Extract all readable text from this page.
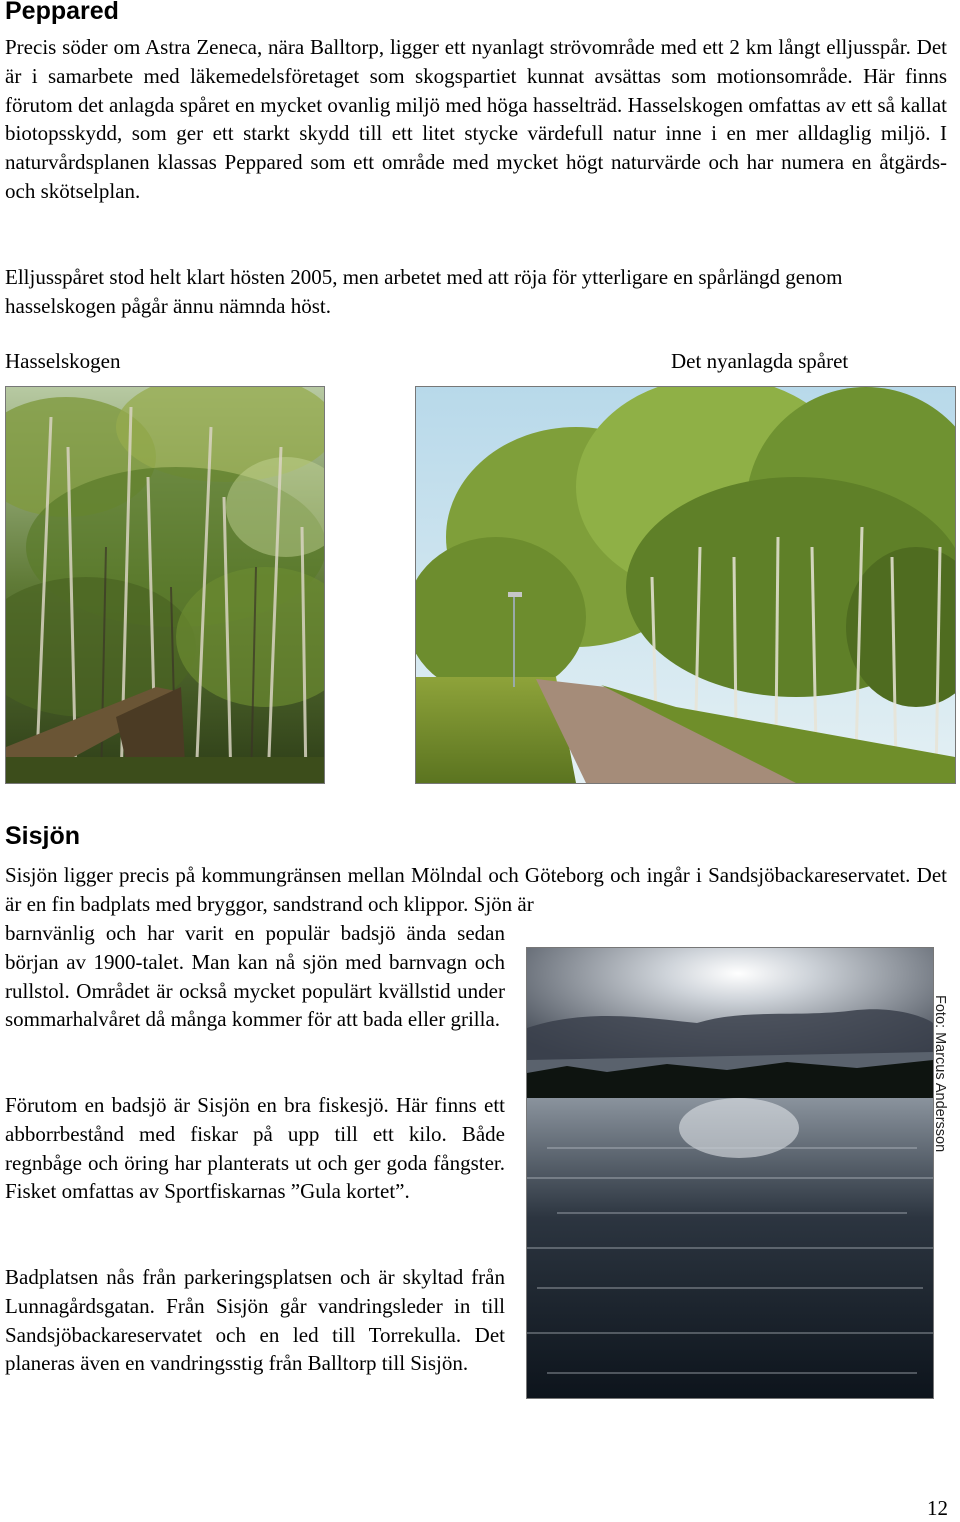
Peppared

Precis söder om Astra Zeneca, nära Balltorp, ligger ett nyanlagt strövområde med ett 2 km långt elljusspår. Det är i samarbete med läkemedelsföretaget som skogspartiet kunnat avsättas som motionsområde. Här finns förutom det anlagda spåret en mycket ovanlig miljö med höga hasselträd. Hasselskogen omfattas av ett så kallat biotopsskydd, som ger ett starkt skydd till ett litet stycke värdefull natur inne i en mer alldaglig miljö. I naturvårdsplanen klassas Peppared som ett område med mycket högt naturvärde och har numera en åtgärds- och skötselplan.

Elljusspåret stod helt klart hösten 2005, men arbetet med att röja för ytterligare en spårlängd genom hasselskogen pågår ännu nämnda höst.

Hasselskogen	Det nyanlagda spåret

Sisjön

Sisjön ligger precis på kommungränsen mellan Mölndal och Göteborg och ingår i Sandsjöbackareservatet. Det är en fin badplats med bryggor, sandstrand och klippor. Sjön är

barnvänlig och har varit en populär badsjö ända sedan början av 1900-talet. Man kan nå sjön med barnvagn och rullstol. Området är också mycket populärt kvällstid under sommarhalvåret då många kommer för att bada eller grilla.

Förutom en badsjö är Sisjön en bra fiskesjö. Här finns ett abborrbestånd med fiskar på upp till ett kilo. Både regnbåge och öring har planterats ut och ger goda fångster. Fisket omfattas av Sportfiskarnas ”Gula kortet”.

Badplatsen nås från parkeringsplatsen och är skyltad från Lunnagårdsgatan. Från Sisjön går vandringsleder in till Sandsjöbackareservatet och en led till Torrekulla. Det planeras även en vandringsstig från Balltorp till Sisjön.

Foto: Marcus Andersson
12
